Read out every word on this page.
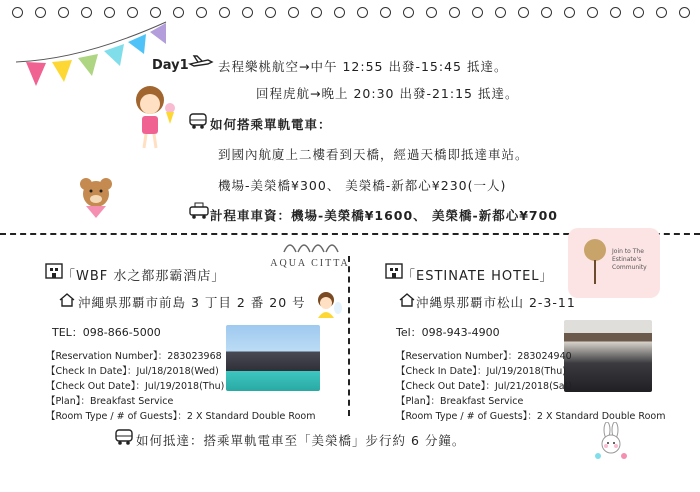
Day1 去程樂桃航空→中午 12:55 出發-15:45 抵達。
回程虎航→晚上 20:30 出發-21:15 抵達。
如何搭乘單軌電車：
到國內航廈上二樓看到天橋，經過天橋即抵達車站。
機場-美榮橋¥300、 美榮橋-新都心¥230(一人)
計程車車資：機場-美榮橋¥1600、 美榮橋-新都心¥700
AQUA CITTA
Join to The Estinate's Community
「WBF 水之都那霸酒店」
沖繩県那覇市前島 3 丁目 2 番 20 号
TEL：098-866-5000
【Reservation Number】：283023968
【Check In Date】：Jul/18/2018(Wed)
【Check Out Date】：Jul/19/2018(Thu)
【Plan】：Breakfast Service
【Room Type / # of Guests】：2 X Standard Double Room
「ESTINATE HOTEL」
沖縄県那覇市松山 2-3-11
Tel：098-943-4900
【Reservation Number】：283024940
【Check In Date】：Jul/19/2018(Thu)
【Check Out Date】：Jul/21/2018(Sat)
【Plan】：Breakfast Service
【Room Type / # of Guests】：2 X Standard Double Room
如何抵達：搭乘單軌電車至「美榮橋」步行約 6 分鐘。
